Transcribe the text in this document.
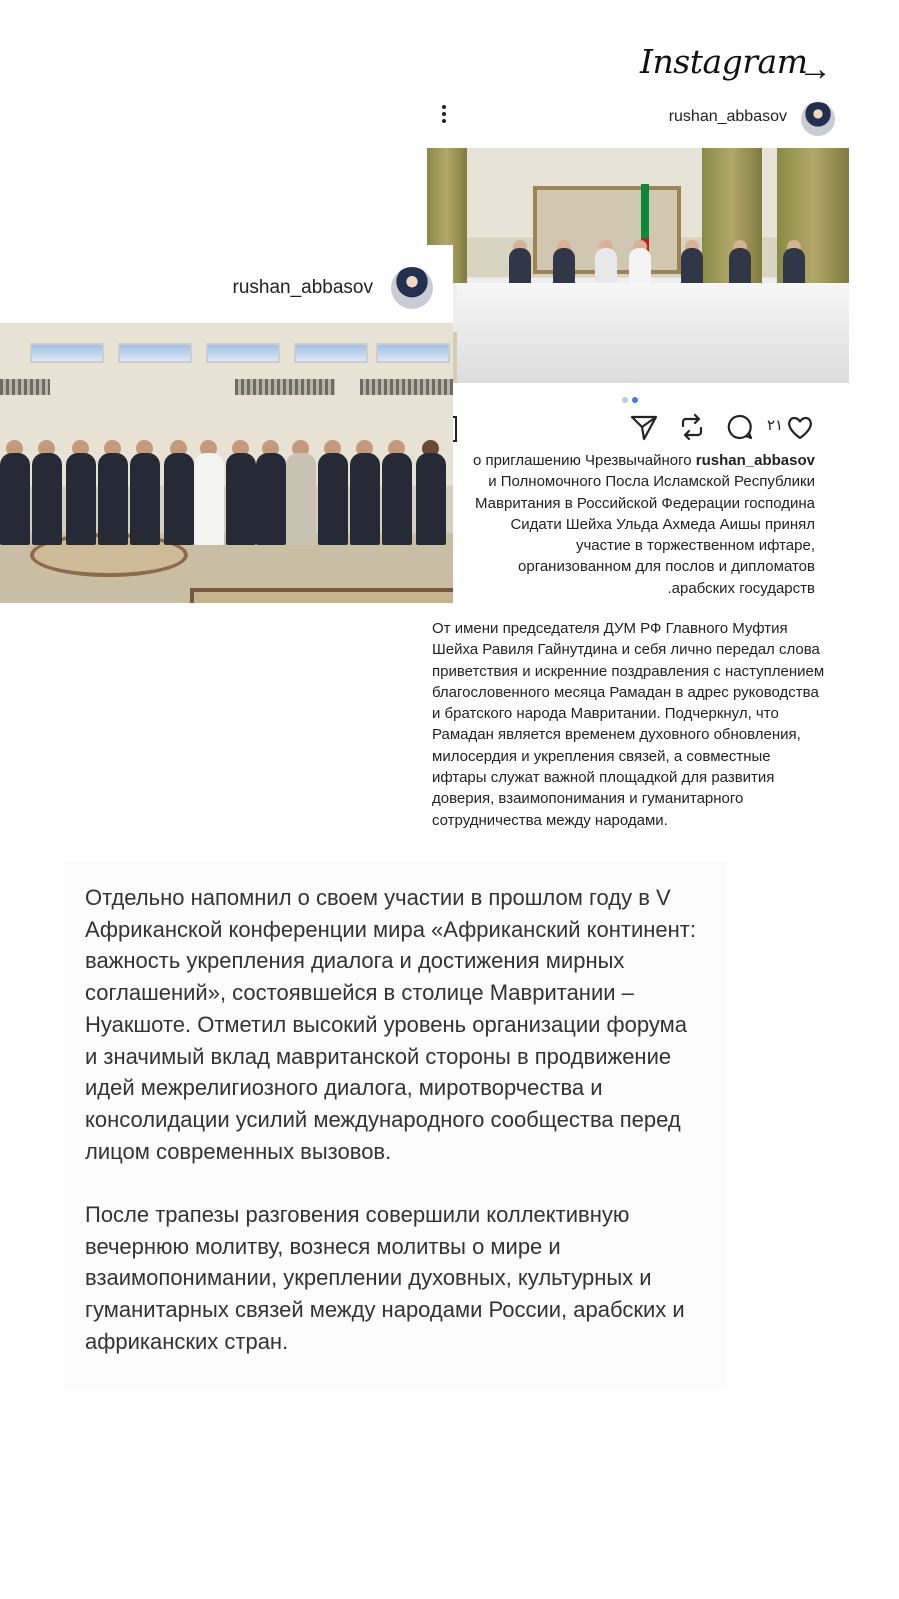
Instagram
→
rushan_abbasov
۲۱
о приглашению Чрезвычайного rushan_abbasov
и Полномочного Посла Исламской Республики
Мавритания в Российской Федерации господина
Сидати Шейха Ульда Ахмеда Аишы принял
участие в торжественном ифтаре,
организованном для послов и дипломатов
.арабских государств
От имени председателя ДУМ РФ Главного Муфтия Шейха Равиля Гайнутдина и себя лично передал слова приветствия и искренние поздравления с наступлением благословенного месяца Рамадан в адрес руководства и братского народа Мавритании. Подчеркнул, что Рамадан является временем духовного обновления, милосердия и укрепления связей, а совместные ифтары служат важной площадкой для развития доверия, взаимопонимания и гуманитарного сотрудничества между народами.
rushan_abbasov

Отдельно напомнил о своем участии в прошлом году в V Африканской конференции мира «Африканский континент: важность укрепления диалога и достижения мирных соглашений», состоявшейся в столице Мавритании – Нуакшоте. Отметил высокий уровень организации форума и значимый вклад мавританской стороны в продвижение идей межрелигиозного диалога, миротворчества и консолидации усилий международного сообщества перед лицом современных вызовов.

После трапезы разговения совершили коллективную вечернюю молитву, вознеся молитвы о мире и взаимопонимании, укреплении духовных, культурных и гуманитарных связей между народами России, арабских и африканских стран.
